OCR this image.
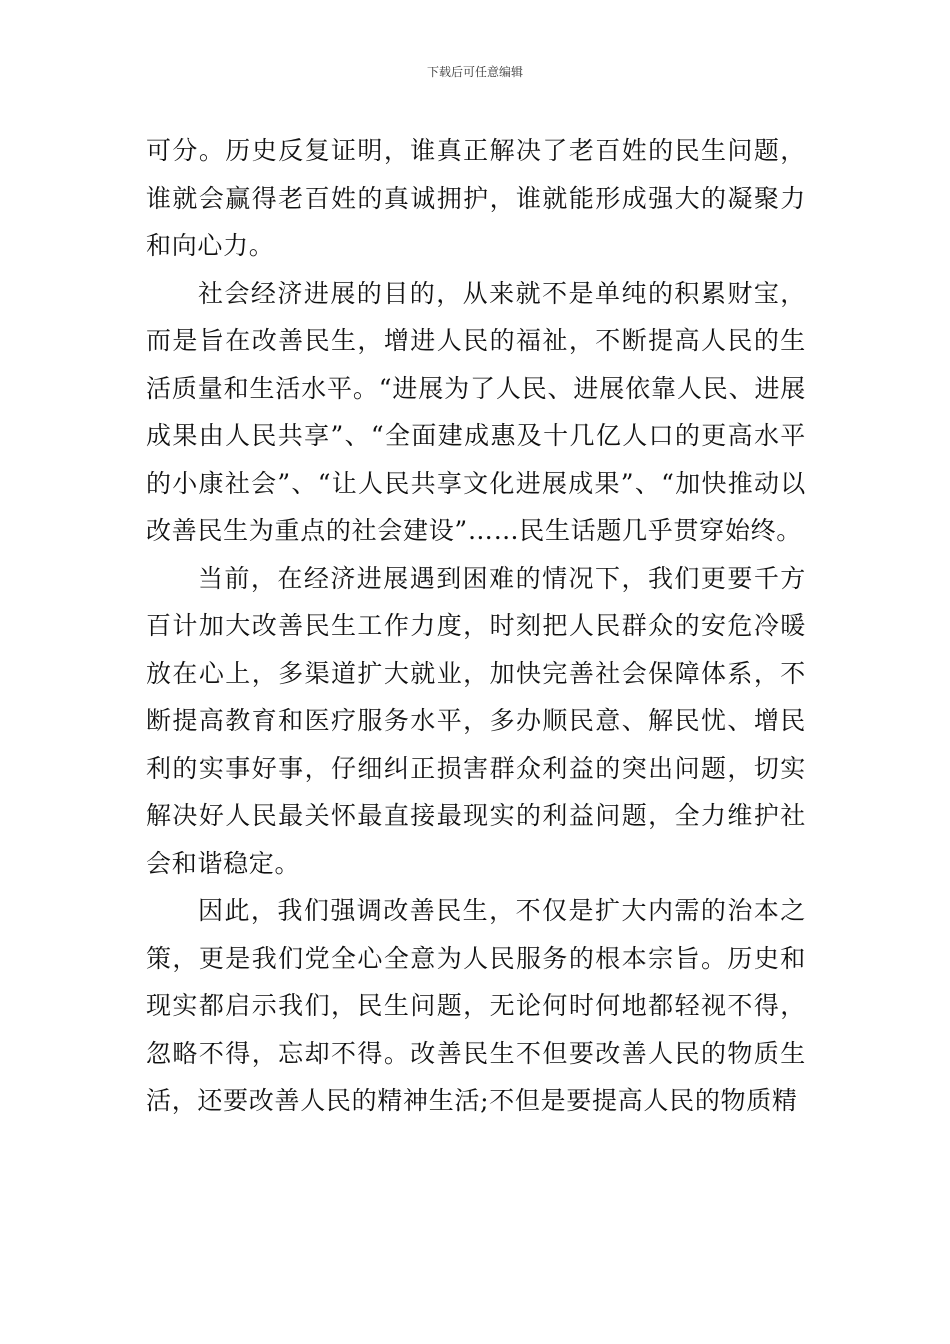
下载后可任意编辑

可分。历史反复证明，谁真正解决了老百姓的民生问题，谁就会赢得老百姓的真诚拥护，谁就能形成强大的凝聚力和向心力。

社会经济进展的目的，从来就不是单纯的积累财宝，而是旨在改善民生，增进人民的福祉，不断提高人民的生活质量和生活水平。“进展为了人民、进展依靠人民、进展成果由人民共享”、“全面建成惠及十几亿人口的更高水平的小康社会”、“让人民共享文化进展成果”、“加快推动以改善民生为重点的社会建设”……民生话题几乎贯穿始终。

当前，在经济进展遇到困难的情况下，我们更要千方百计加大改善民生工作力度，时刻把人民群众的安危冷暖放在心上，多渠道扩大就业，加快完善社会保障体系，不断提高教育和医疗服务水平，多办顺民意、解民忧、增民利的实事好事，仔细纠正损害群众利益的突出问题，切实解决好人民最关怀最直接最现实的利益问题，全力维护社会和谐稳定。

因此，我们强调改善民生，不仅是扩大内需的治本之策，更是我们党全心全意为人民服务的根本宗旨。历史和现实都启示我们，民生问题，无论何时何地都轻视不得，忽略不得，忘却不得。改善民生不但要改善人民的物质生活，还要改善人民的精神生活;不但是要提高人民的物质精
